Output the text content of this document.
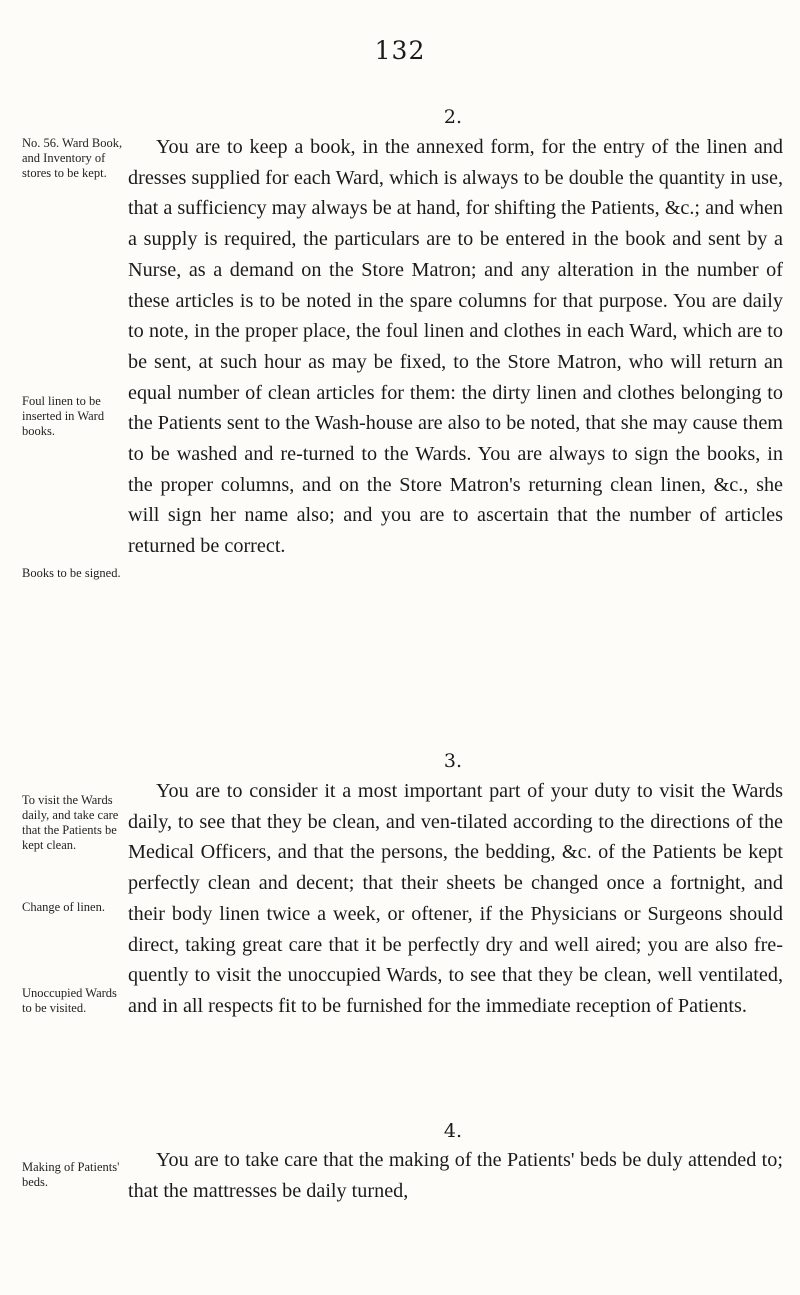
132
No. 56. Ward Book, and Inventory of stores to be kept.
Foul linen to be inserted in Ward books.
Books to be signed.
To visit the Wards daily, and take care that the Patients be kept clean.
Change of linen.
Unoccupied Wards to be visited.
Making of Patients' beds.
2.
You are to keep a book, in the annexed form, for the entry of the linen and dresses supplied for each Ward, which is always to be double the quantity in use, that a sufficiency may always be at hand, for shifting the Patients, &c.; and when a supply is required, the particulars are to be entered in the book and sent by a Nurse, as a demand on the Store Matron; and any alteration in the number of these articles is to be noted in the spare columns for that purpose. You are daily to note, in the proper place, the foul linen and clothes in each Ward, which are to be sent, at such hour as may be fixed, to the Store Matron, who will return an equal number of clean articles for them: the dirty linen and clothes belonging to the Patients sent to the Wash-house are also to be noted, that she may cause them to be washed and re-turned to the Wards. You are always to sign the books, in the proper columns, and on the Store Matron's returning clean linen, &c., she will sign her name also; and you are to ascertain that the number of articles returned be correct.
3.
You are to consider it a most important part of your duty to visit the Wards daily, to see that they be clean, and ven-tilated according to the directions of the Medical Officers, and that the persons, the bedding, &c. of the Patients be kept perfectly clean and decent; that their sheets be changed once a fortnight, and their body linen twice a week, or oftener, if the Physicians or Surgeons should direct, taking great care that it be perfectly dry and well aired; you are also fre-quently to visit the unoccupied Wards, to see that they be clean, well ventilated, and in all respects fit to be furnished for the immediate reception of Patients.
4.
You are to take care that the making of the Patients' beds be duly attended to; that the mattresses be daily turned,
